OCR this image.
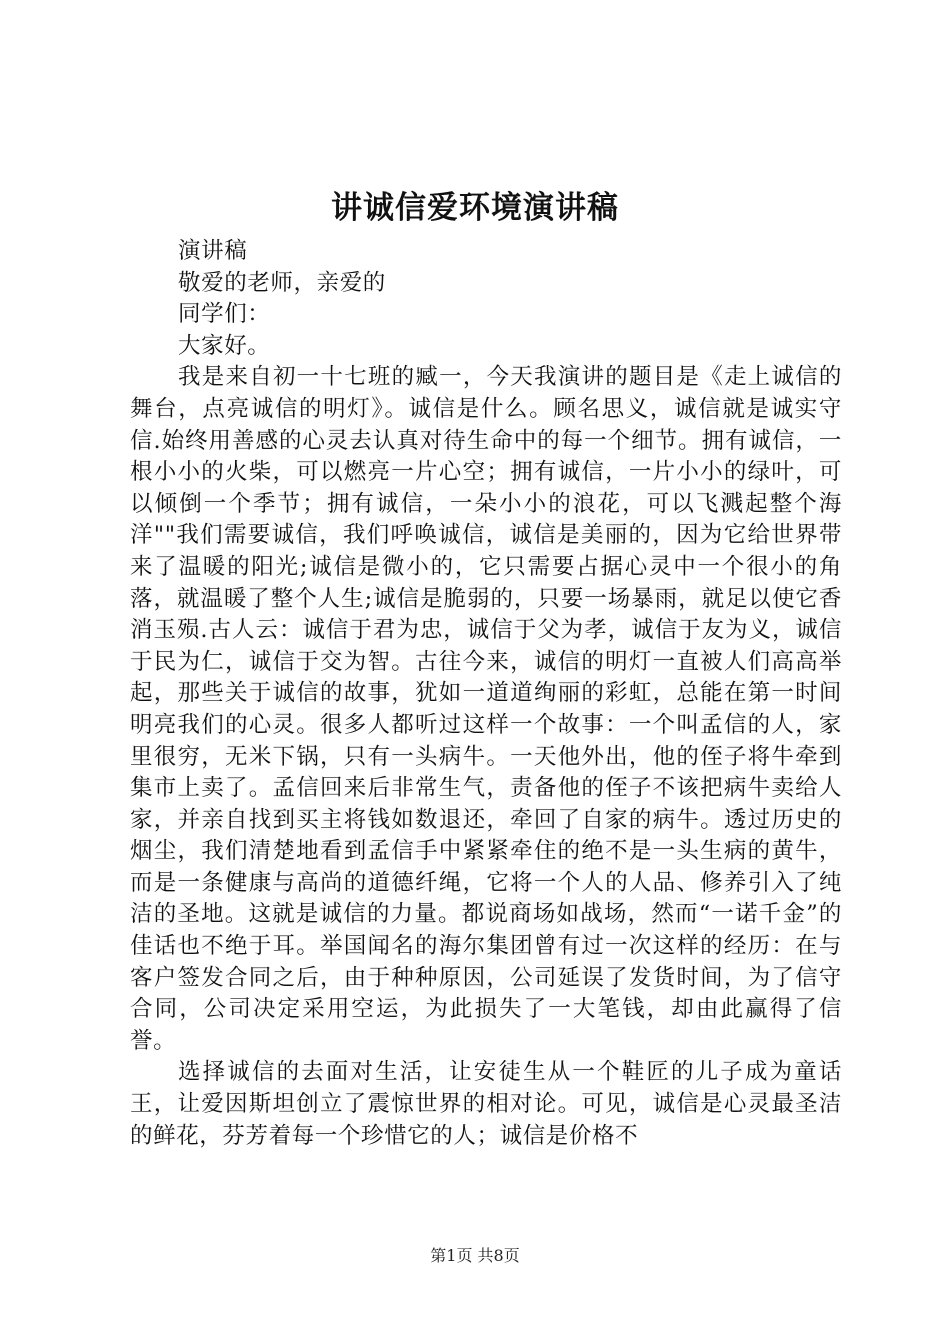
讲诚信爱环境演讲稿

演讲稿

敬爱的老师，亲爱的

同学们：

大家好。

我是来自初一十七班的臧一，今天我演讲的题目是《走上诚信的舞台，点亮诚信的明灯》。诚信是什么。顾名思义，诚信就是诚实守信.始终用善感的心灵去认真对待生命中的每一个细节。拥有诚信，一根小小的火柴，可以燃亮一片心空；拥有诚信，一片小小的绿叶，可以倾倒一个季节；拥有诚信，一朵小小的浪花，可以飞溅起整个海洋""我们需要诚信，我们呼唤诚信，诚信是美丽的，因为它给世界带来了温暖的阳光;诚信是微小的，它只需要占据心灵中一个很小的角落，就温暖了整个人生;诚信是脆弱的，只要一场暴雨，就足以使它香消玉殒.古人云：诚信于君为忠，诚信于父为孝，诚信于友为义，诚信于民为仁，诚信于交为智。古往今来，诚信的明灯一直被人们高高举起，那些关于诚信的故事，犹如一道道绚丽的彩虹，总能在第一时间明亮我们的心灵。很多人都听过这样一个故事：一个叫孟信的人，家里很穷，无米下锅，只有一头病牛。一天他外出，他的侄子将牛牵到集市上卖了。孟信回来后非常生气，责备他的侄子不该把病牛卖给人家，并亲自找到买主将钱如数退还，牵回了自家的病牛。透过历史的烟尘，我们清楚地看到孟信手中紧紧牵住的绝不是一头生病的黄牛，而是一条健康与高尚的道德纤绳，它将一个人的人品、修养引入了纯洁的圣地。这就是诚信的力量。都说商场如战场，然而“一诺千金”的佳话也不绝于耳。举国闻名的海尔集团曾有过一次这样的经历：在与客户签发合同之后，由于种种原因，公司延误了发货时间，为了信守合同，公司决定采用空运，为此损失了一大笔钱，却由此赢得了信誉。

选择诚信的去面对生活，让安徒生从一个鞋匠的儿子成为童话王，让爱因斯坦创立了震惊世界的相对论。可见，诚信是心灵最圣洁的鲜花，芬芳着每一个珍惜它的人；诚信是价格不

第1页 共8页
